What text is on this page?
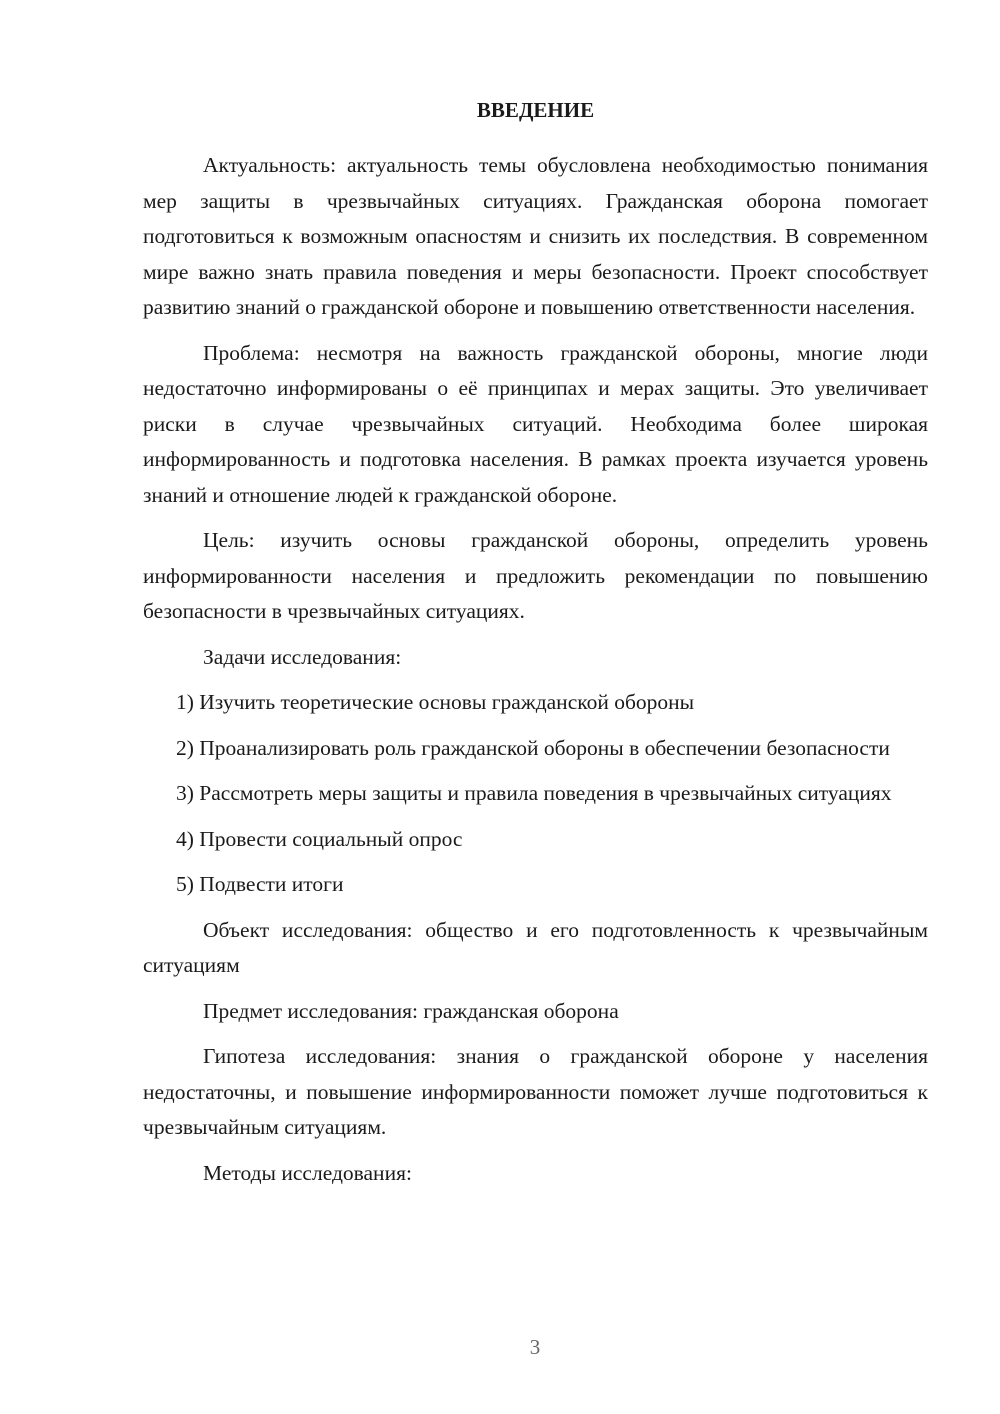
ВВЕДЕНИЕ

Актуальность: актуальность темы обусловлена необходимостью понимания мер защиты в чрезвычайных ситуациях. Гражданская оборона помогает подготовиться к возможным опасностям и снизить их последствия. В современном мире важно знать правила поведения и меры безопасности. Проект способствует развитию знаний о гражданской обороне и повышению ответственности населения.

Проблема: несмотря на важность гражданской обороны, многие люди недостаточно информированы о её принципах и мерах защиты. Это увеличивает риски в случае чрезвычайных ситуаций. Необходима более широкая информированность и подготовка населения. В рамках проекта изучается уровень знаний и отношение людей к гражданской обороне.

Цель: изучить основы гражданской обороны, определить уровень информированности населения и предложить рекомендации по повышению безопасности в чрезвычайных ситуациях.

Задачи исследования:

1) Изучить теоретические основы гражданской обороны

2) Проанализировать роль гражданской обороны в обеспечении безопасности

3) Рассмотреть меры защиты и правила поведения в чрезвычайных ситуациях

4) Провести социальный опрос

5) Подвести итоги

Объект исследования: общество и его подготовленность к чрезвычайным ситуациям

Предмет исследования: гражданская оборона

Гипотеза исследования: знания о гражданской обороне у населения недостаточны, и повышение информированности поможет лучше подготовиться к чрезвычайным ситуациям.

Методы исследования:

3
